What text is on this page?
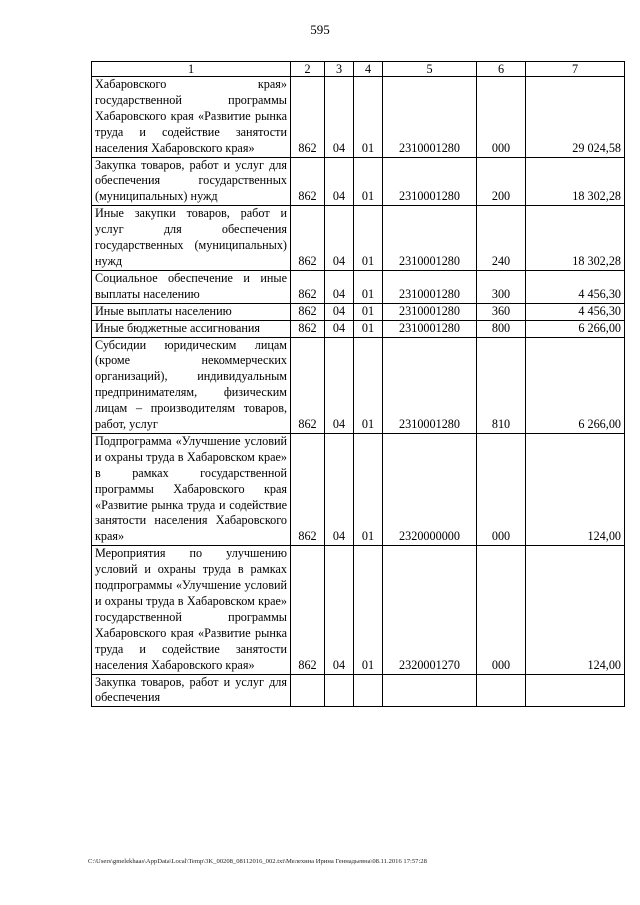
595
1	2	3	4	5	6	7
Хабаровского края» государственной программы Хабаровского края «Развитие рынка труда и содействие занятости населения Хабаровского края»	862	04	01	2310001280	000	29 024,58
Закупка товаров, работ и услуг для обеспечения государственных (муниципальных) нужд	862	04	01	2310001280	200	18 302,28
Иные закупки товаров, работ и услуг для обеспечения государственных (муниципальных) нужд	862	04	01	2310001280	240	18 302,28
Социальное обеспечение и иные выплаты населению	862	04	01	2310001280	300	4 456,30
Иные выплаты населению	862	04	01	2310001280	360	4 456,30
Иные бюджетные ассигнования	862	04	01	2310001280	800	6 266,00
Субсидии юридическим лицам (кроме некоммерческих организаций), индивидуальным предпринимателям, физическим лицам – производителям товаров, работ, услуг	862	04	01	2310001280	810	6 266,00
Подпрограмма «Улучшение условий и охраны труда в Хабаровском крае» в рамках государственной программы Хабаровского края «Развитие рынка труда и содействие занятости населения Хабаровского края»	862	04	01	2320000000	000	124,00
Мероприятия по улучшению условий и охраны труда в рамках подпрограммы «Улучшение условий и охраны труда в Хабаровском крае» государственной программы Хабаровского края «Развитие рынка труда и содействие занятости населения Хабаровского края»	862	04	01	2320001270	000	124,00
Закупка товаров, работ и услуг для обеспечения						
C:\Users\gmelekhaas\AppData\Local\Temp\3K_00208_08112016_002.txt\Мелехина Ирина Геннадьевна\08.11.2016 17:57:28
